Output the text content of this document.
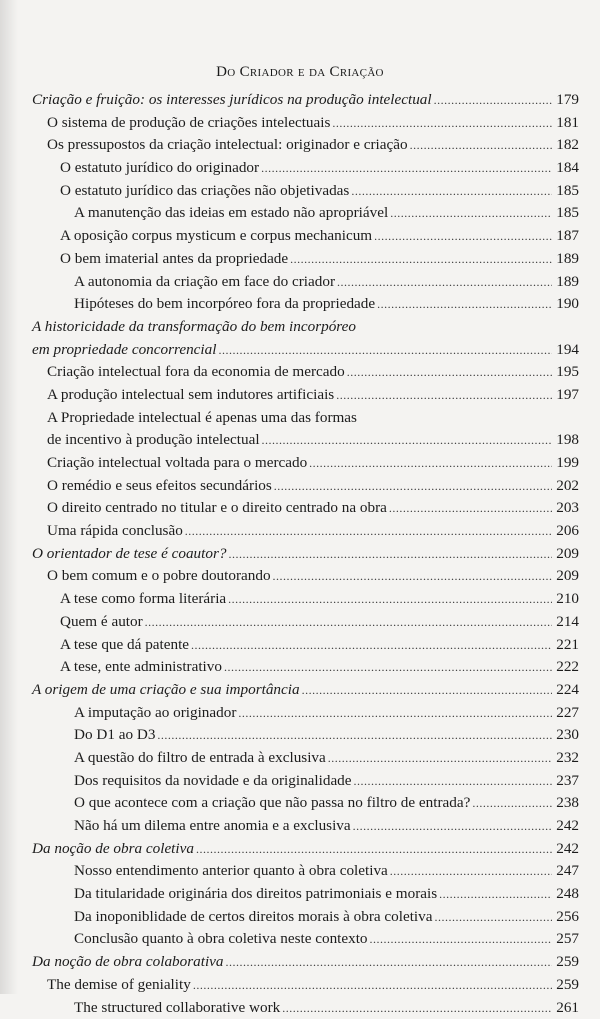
Do Criador e da Criação
Criação e fruição: os interesses jurídicos na produção intelectual .....	179
O sistema de produção de criações intelectuais .....	181
Os pressupostos da criação intelectual: originador e criação .....	182
O estatuto jurídico do originador .....	184
O estatuto jurídico das criações não objetivadas .....	185
A manutenção das ideias em estado não apropriável .....	185
A oposição corpus mysticum e corpus mechanicum .....	187
O bem imaterial antes da propriedade .....	189
A autonomia da criação em face do criador .....	189
Hipóteses do bem incorpóreo fora da propriedade .....	190
A historicidade da transformação do bem incorpóreo
em propriedade concorrencial .....	194
Criação intelectual fora da economia de mercado .....	195
A produção intelectual sem indutores artificiais .....	197
A Propriedade intelectual é apenas uma das formas
de incentivo à produção intelectual .....	198
Criação intelectual voltada para o mercado .....	199
O remédio e seus efeitos secundários .....	202
O direito centrado no titular e o direito centrado na obra .....	203
Uma rápida conclusão .....	206
O orientador de tese é coautor? .....	209
O bem comum e o pobre doutorando .....	209
A tese como forma literária .....	210
Quem é autor .....	214
A tese que dá patente .....	221
A tese, ente administrativo .....	222
A origem de uma criação e sua importância .....	224
A imputação ao originador .....	227
Do D1 ao D3 .....	230
A questão do filtro de entrada à exclusiva .....	232
Dos requisitos da novidade e da originalidade .....	237
O que acontece com a criação que não passa no filtro de entrada? .....	238
Não há um dilema entre anomia e a exclusiva .....	242
Da noção de obra coletiva .....	242
Nosso entendimento anterior quanto à obra coletiva .....	247
Da titularidade originária dos direitos patrimoniais e morais .....	248
Da inoponiblidade de certos direitos morais à obra coletiva .....	256
Conclusão quanto à obra coletiva neste contexto .....	257
Da noção de obra colaborativa .....	259
The demise of geniality .....	259
The structured collaborative work .....	261
